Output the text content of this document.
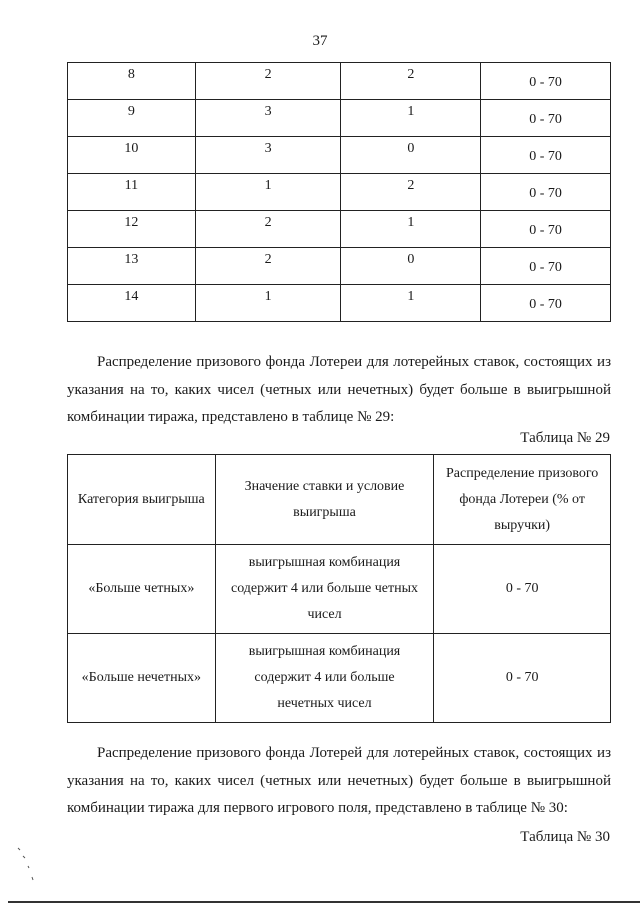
37
8	2	2	0 - 70
9	3	1	0 - 70
10	3	0	0 - 70
11	1	2	0 - 70
12	2	1	0 - 70
13	2	0	0 - 70
14	1	1	0 - 70

Распределение призового фонда Лотереи для лотерейных ставок, состоящих из указания на то, каких чисел (четных или нечетных) будет больше в выигрышной комбинации тиража, представлено в таблице № 29:

Таблица № 29
Категория выигрыша	Значение ставки и условие выигрыша	Распределение призового фонда Лотереи (% от выручки)
«Больше четных»	выигрышная комбинация содержит 4 или больше четных чисел	0 - 70
«Больше нечетных»	выигрышная комбинация содержит 4 или больше нечетных чисел	0 - 70

Распределение призового фонда Лотерей для лотерейных ставок, состоящих из указания на то, каких чисел (четных или нечетных) будет больше в выигрышной комбинации тиража для первого игрового поля, представлено в таблице № 30:

Таблица № 30
